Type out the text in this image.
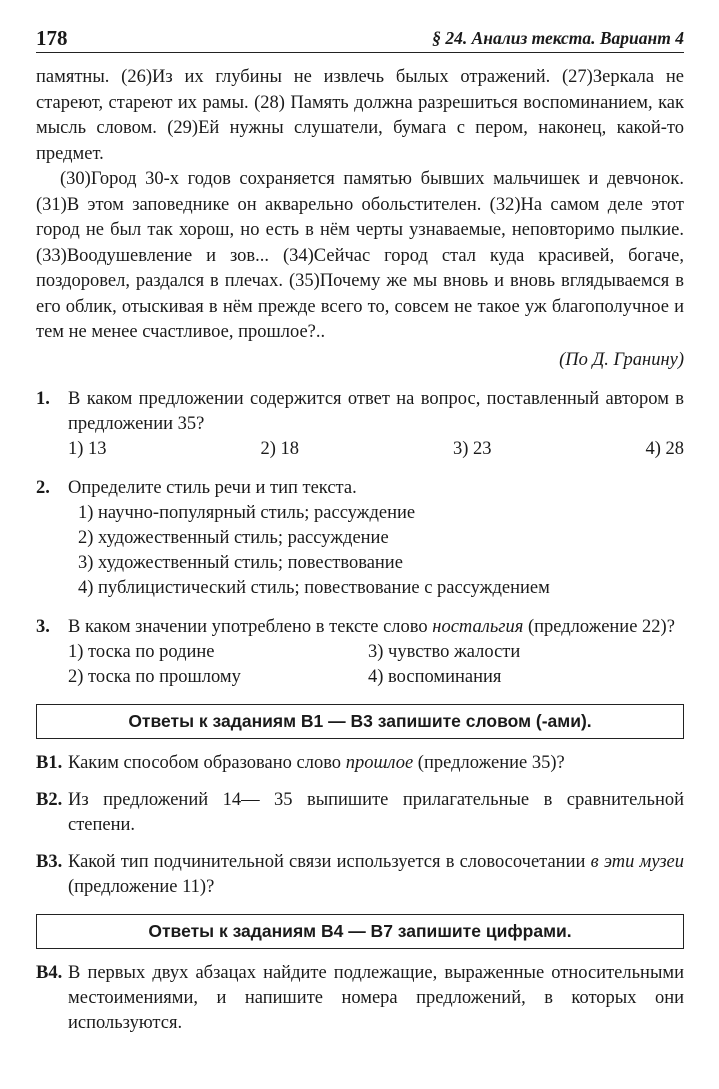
178	§ 24. Анализ текста. Вариант 4

памятны. (26)Из их глубины не извлечь былых отражений. (27)Зеркала не стареют, стареют их рамы. (28) Память должна разрешиться воспоминанием, как мысль словом. (29)Ей нужны слушатели, бумага с пером, наконец, какой-то предмет.

(30)Город 30-х годов сохраняется памятью бывших мальчишек и девчонок. (31)В этом заповеднике он акварельно обольстителен. (32)На самом деле этот город не был так хорош, но есть в нём черты узнаваемые, неповторимо пылкие. (33)Воодушевление и зов... (34)Сейчас город стал куда красивей, богаче, поздоровел, раздался в плечах. (35)Почему же мы вновь и вновь вглядываемся в его облик, отыскивая в нём прежде всего то, совсем не такое уж благополучное и тем не менее счастливое, прошлое?..

(По Д. Гранину)
1. В каком предложении содержится ответ на вопрос, поставленный автором в предложении 35?
1) 13	2) 18	3) 23	4) 28
2. Определите стиль речи и тип текста.
1) научно-популярный стиль; рассуждение
2) художественный стиль; рассуждение
3) художественный стиль; повествование
4) публицистический стиль; повествование с рассуждением
3. В каком значении употреблено в тексте слово ностальгия (предложение 22)?
1) тоска по родине	3) чувство жалости
2) тоска по прошлому	4) воспоминания
Ответы к заданиям В1 — В3 запишите словом (-ами).
В1. Каким способом образовано слово прошлое (предложение 35)?
В2. Из предложений 14— 35 выпишите прилагательные в сравнительной степени.
В3. Какой тип подчинительной связи используется в словосочетании в эти музеи (предложение 11)?
Ответы к заданиям В4 — В7 запишите цифрами.
В4. В первых двух абзацах найдите подлежащие, выраженные относительными местоимениями, и напишите номера предложений, в которых они используются.
